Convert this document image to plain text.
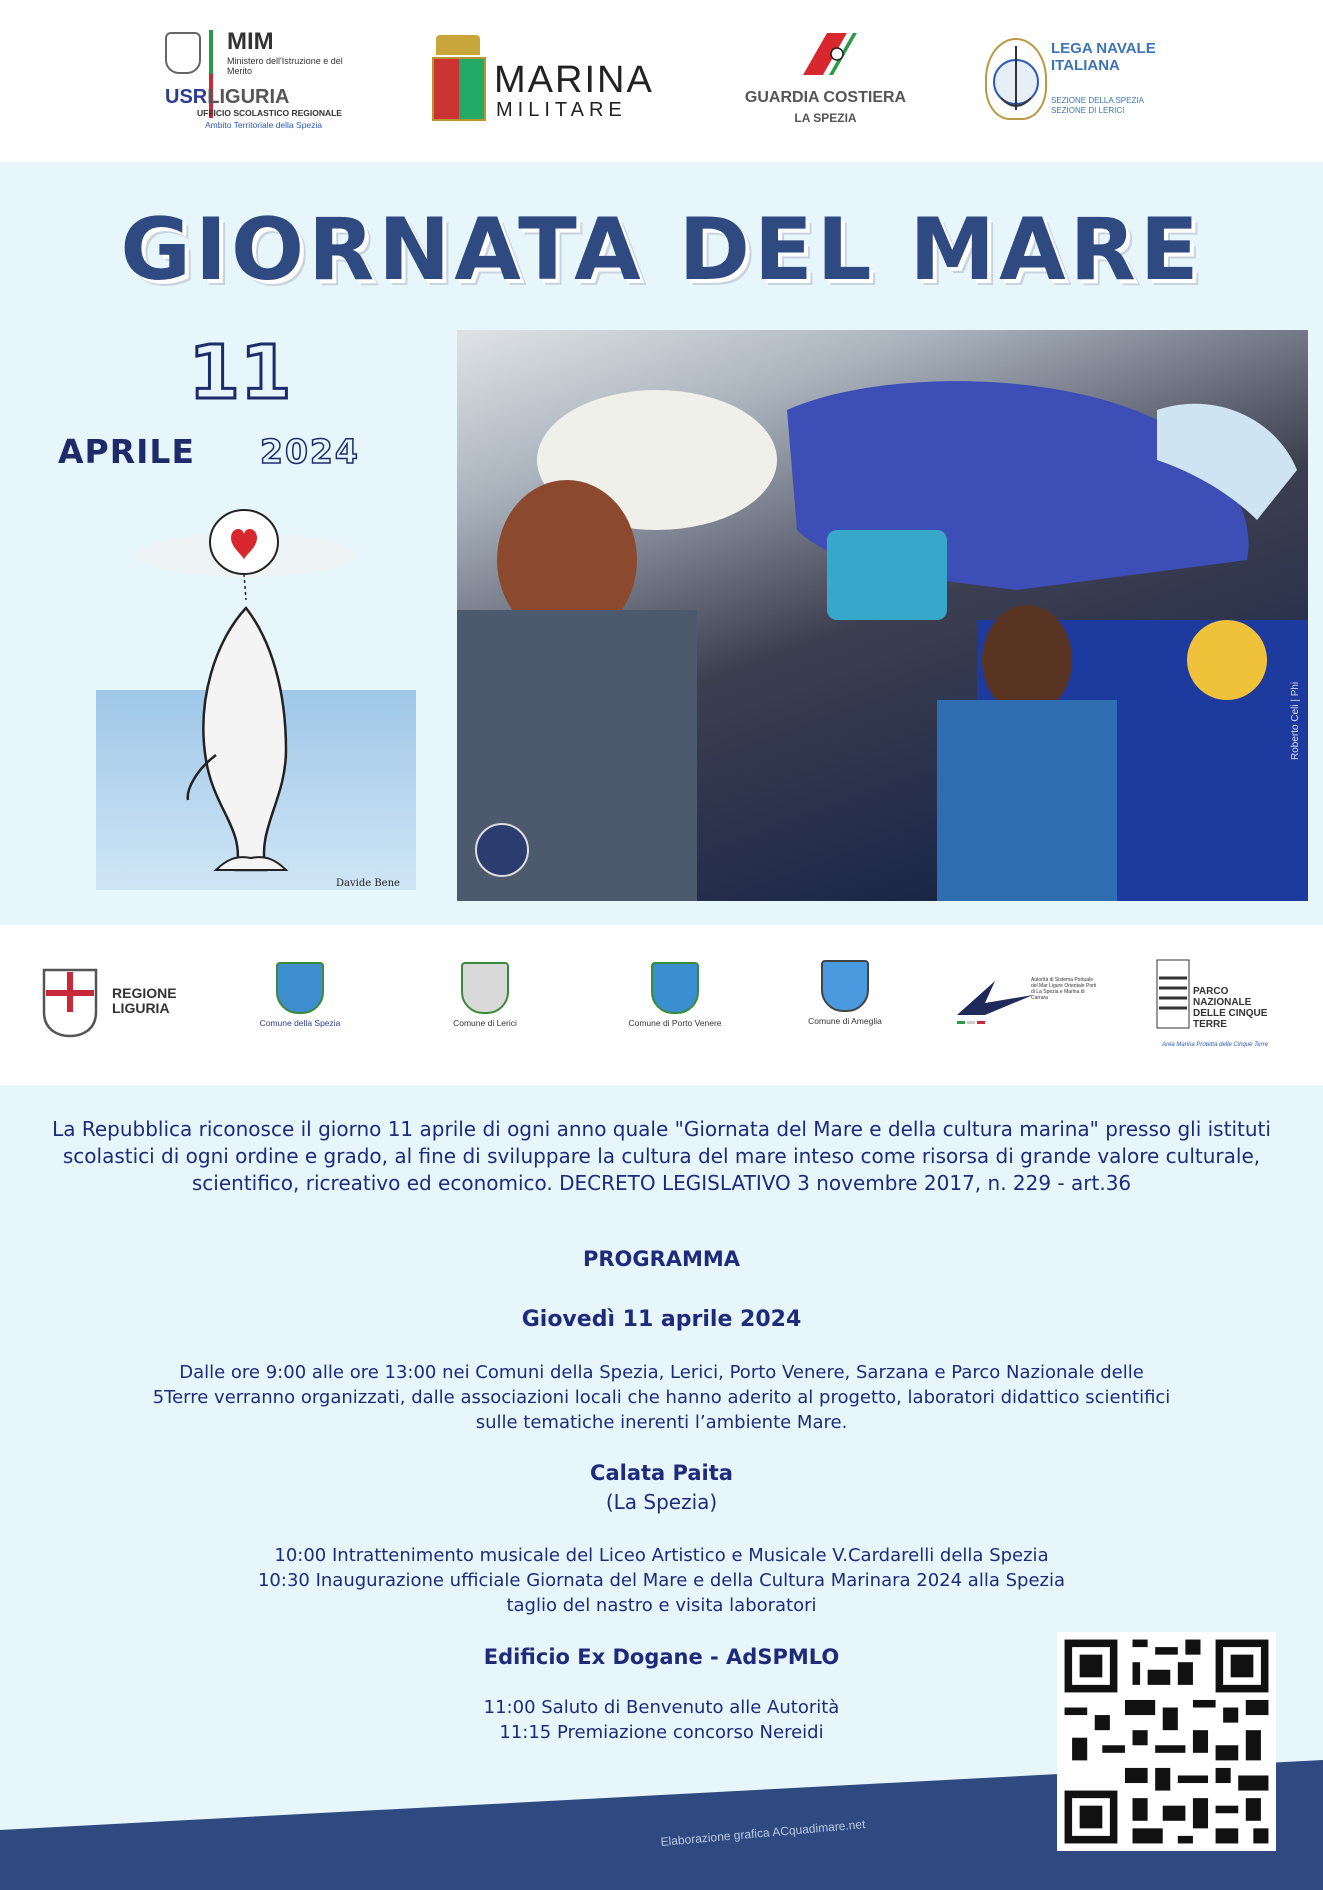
MIM
Ministero dell'Istruzione e del Merito
USRLIGURIA
UFFICIO SCOLASTICO REGIONALE
Ambito Territoriale della Spezia
MARINA
MILITARE
GUARDIA COSTIERA
LA SPEZIA
LEGA NAVALE ITALIANA
SEZIONE DELLA SPEZIA SEZIONE DI LERICI
GIORNATA DEL MARE
11
APRILE 2024
Davide Bene
Roberto Celi | Phi
REGIONE LIGURIA
Comune della Spezia	Comune di Lerici	Comune di Porto Venere	Comune di Ameglia
Autorità di Sistema Portuale del Mar Ligure Orientale Porti di La Spezia e Marina di Carrara
PARCO NAZIONALE DELLE CINQUE TERRE
Area Marina Protetta delle Cinque Terre
La Repubblica riconosce il giorno 11 aprile di ogni anno quale "Giornata del Mare e della cultura marina" presso gli istituti scolastici di ogni ordine e grado, al fine di sviluppare la cultura del mare inteso come risorsa di grande valore culturale, scientifico, ricreativo ed economico. DECRETO LEGISLATIVO 3 novembre 2017, n. 229 - art.36
PROGRAMMA
Giovedì 11 aprile 2024
Dalle ore 9:00 alle ore 13:00 nei Comuni della Spezia, Lerici, Porto Venere, Sarzana e Parco Nazionale delle 5Terre verranno organizzati, dalle associazioni locali che hanno aderito al progetto, laboratori didattico scientifici sulle tematiche inerenti l’ambiente Mare.
Calata Paita
(La Spezia)
10:00 Intrattenimento musicale del Liceo Artistico e Musicale V.Cardarelli della Spezia
10:30 Inaugurazione ufficiale Giornata del Mare e della Cultura Marinara 2024 alla Spezia
taglio del nastro e visita laboratori
Edificio Ex Dogane - AdSPMLO
11:00 Saluto di Benvenuto alle Autorità
11:15 Premiazione concorso Nereidi
Elaborazione grafica ACquadimare.net
